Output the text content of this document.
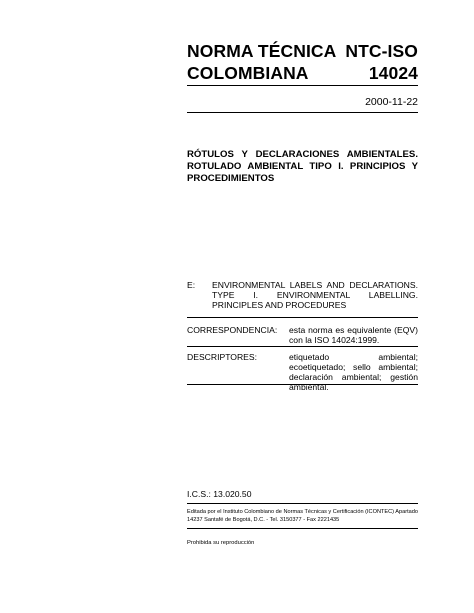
NORMA TÉCNICA
COLOMBIANA
NTC-ISO
14024
2000-11-22
RÓTULOS Y DECLARACIONES AMBIENTALES. ROTULADO AMBIENTAL TIPO I. PRINCIPIOS Y PROCEDIMIENTOS
E: ENVIRONMENTAL LABELS AND DECLARATIONS. TYPE I. ENVIRONMENTAL LABELLING. PRINCIPLES AND PROCEDURES
CORRESPONDENCIA: esta norma es equivalente (EQV) con la ISO 14024:1999.
DESCRIPTORES:	etiquetado ambiental; ecoetiquetado; sello ambiental; declaración ambiental; gestión ambiental.
I.C.S.: 13.020.50
Editada por el Instituto Colombiano de Normas Técnicas y Certificación (ICONTEC) Apartado 14237 Santafé de Bogotá, D.C. - Tel. 3150377 - Fax 2221435
Prohibida su reproducción
